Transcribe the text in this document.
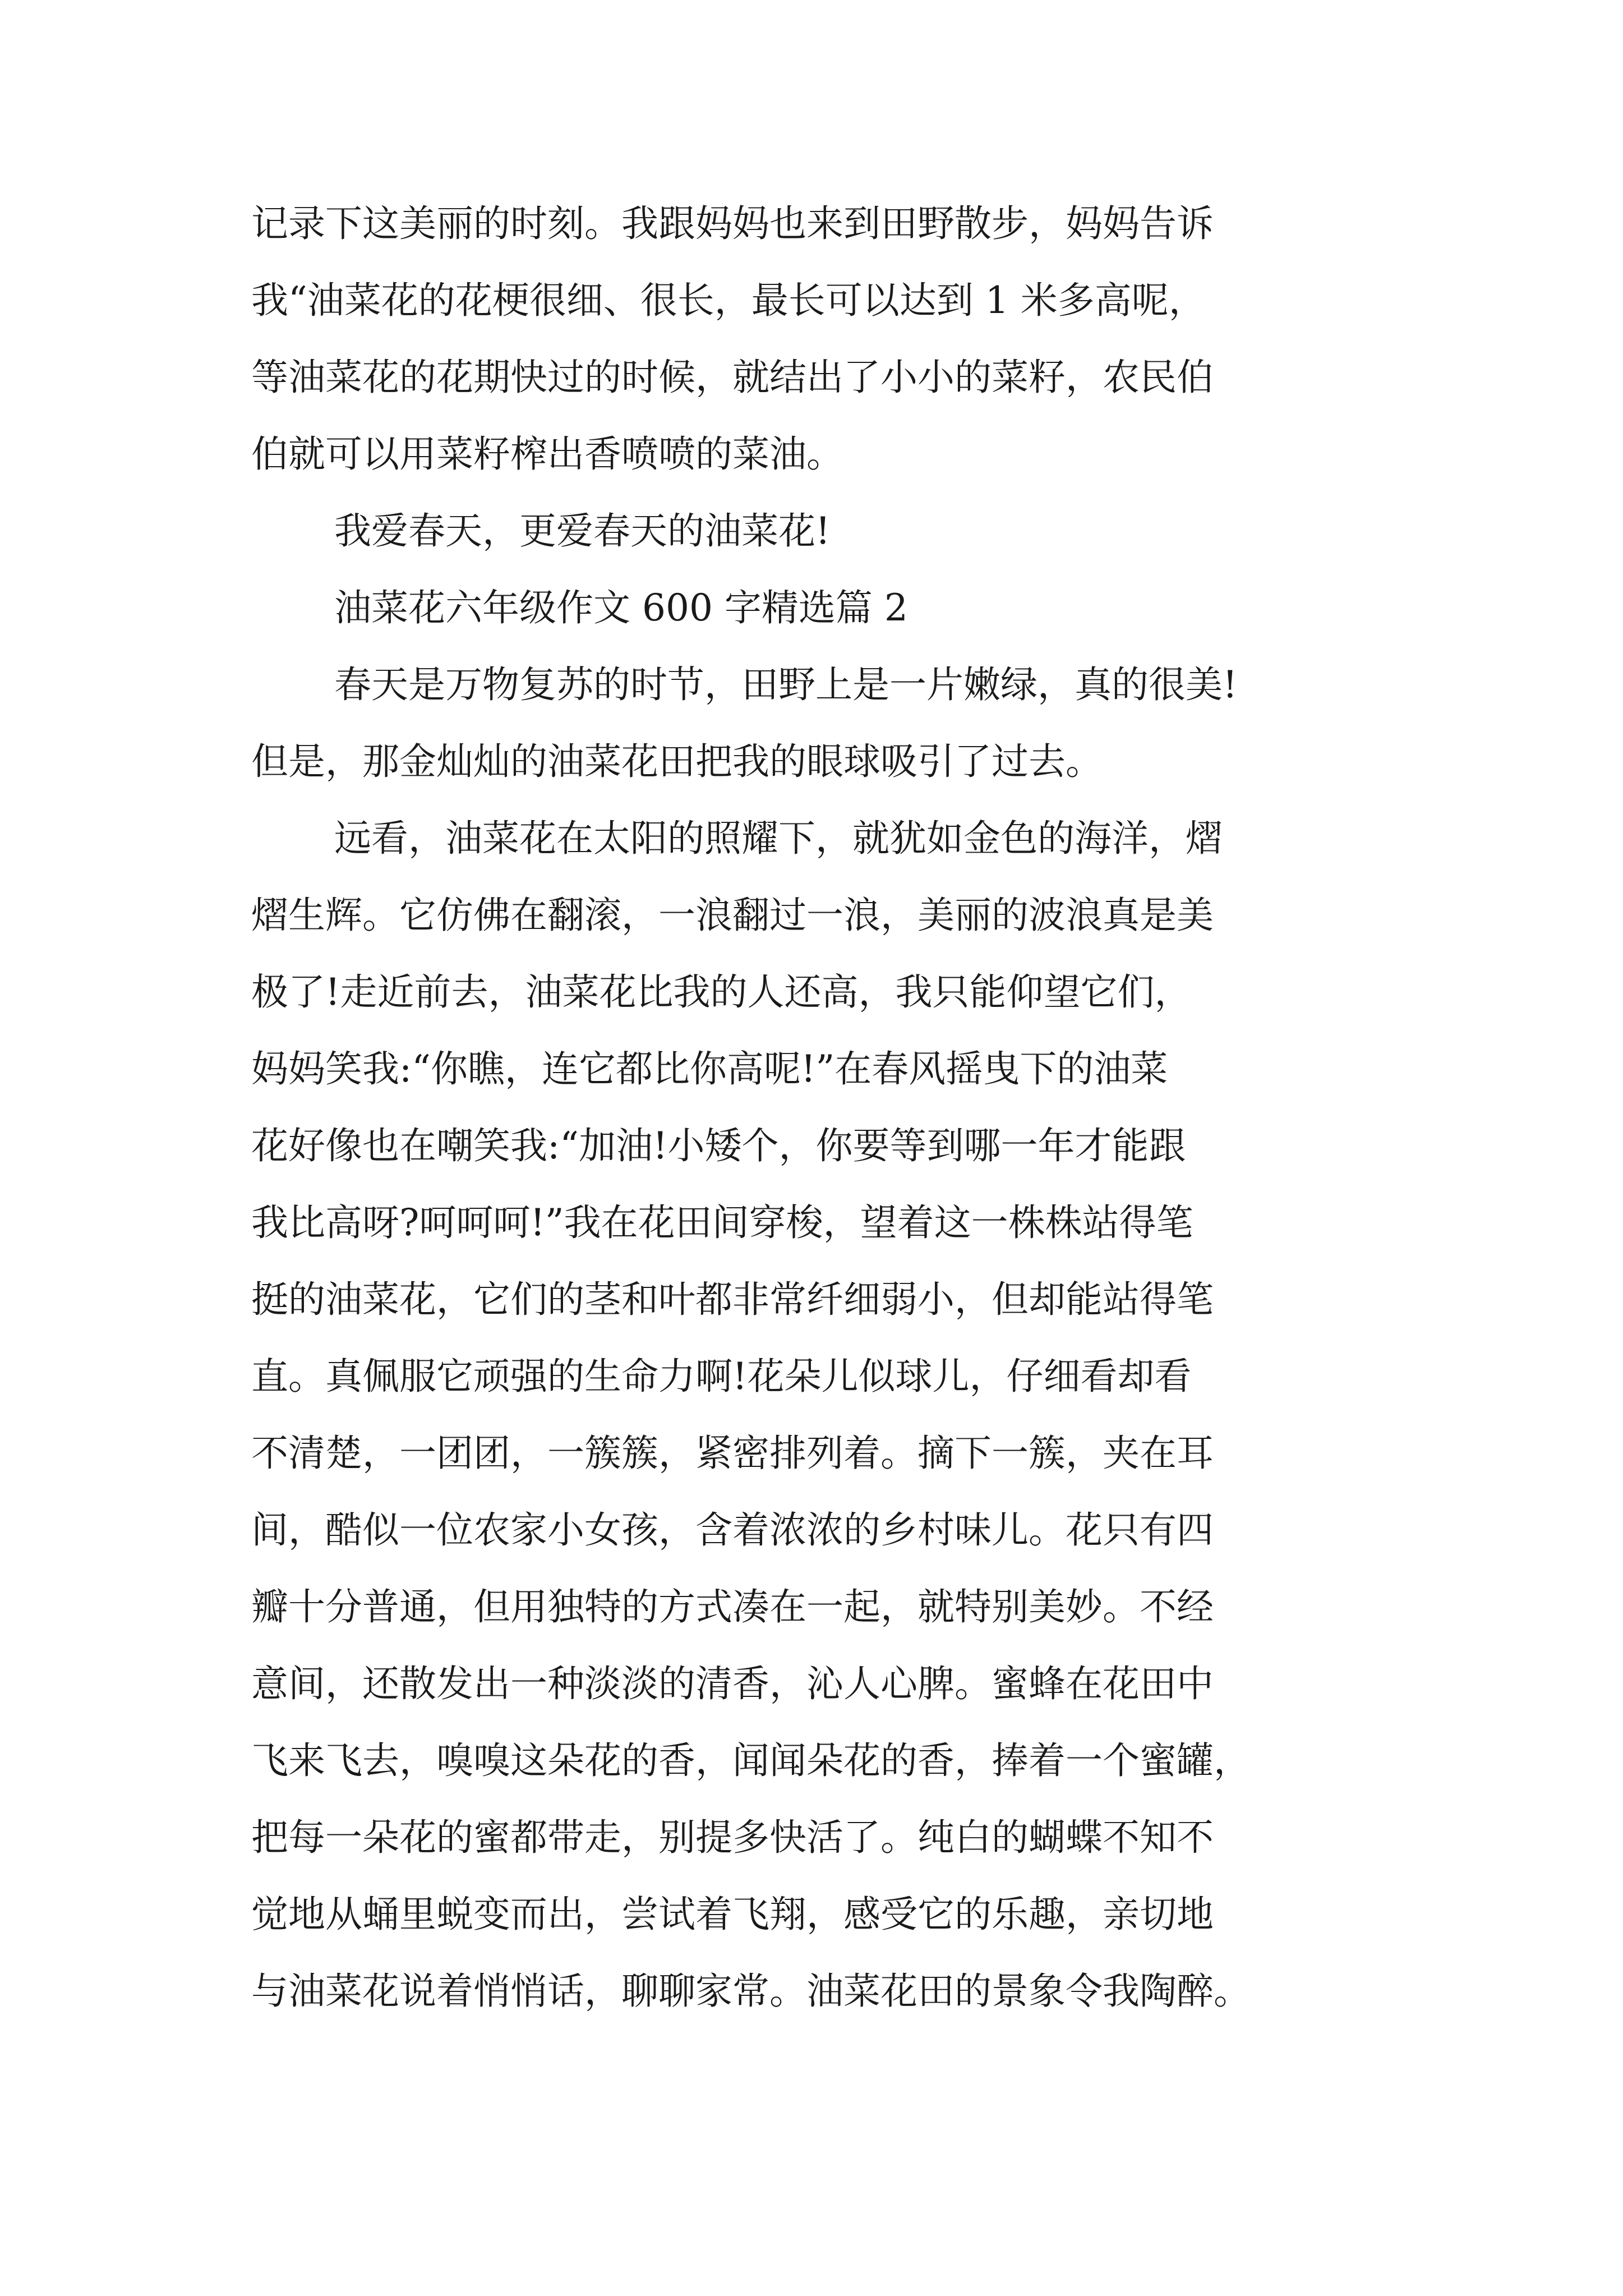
记录下这美丽的时刻。我跟妈妈也来到田野散步，妈妈告诉
我“油菜花的花梗很细、很长，最长可以达到 1 米多高呢，
等油菜花的花期快过的时候，就结出了小小的菜籽，农民伯
伯就可以用菜籽榨出香喷喷的菜油。
我爱春天，更爱春天的油菜花!
油菜花六年级作文 600 字精选篇 2
春天是万物复苏的时节，田野上是一片嫩绿，真的很美!
但是，那金灿灿的油菜花田把我的眼球吸引了过去。
远看，油菜花在太阳的照耀下，就犹如金色的海洋，熠
熠生辉。它仿佛在翻滚，一浪翻过一浪，美丽的波浪真是美
极了!走近前去，油菜花比我的人还高，我只能仰望它们，
妈妈笑我:“你瞧，连它都比你高呢!”在春风摇曳下的油菜
花好像也在嘲笑我:“加油!小矮个，你要等到哪一年才能跟
我比高呀?呵呵呵!”我在花田间穿梭，望着这一株株站得笔
挺的油菜花，它们的茎和叶都非常纤细弱小，但却能站得笔
直。真佩服它顽强的生命力啊!花朵儿似球儿，仔细看却看
不清楚，一团团，一簇簇，紧密排列着。摘下一簇，夹在耳
间，酷似一位农家小女孩，含着浓浓的乡村味儿。花只有四
瓣十分普通，但用独特的方式凑在一起，就特别美妙。不经
意间，还散发出一种淡淡的清香，沁人心脾。蜜蜂在花田中
飞来飞去，嗅嗅这朵花的香，闻闻朵花的香，捧着一个蜜罐，
把每一朵花的蜜都带走，别提多快活了。纯白的蝴蝶不知不
觉地从蛹里蜕变而出，尝试着飞翔，感受它的乐趣，亲切地
与油菜花说着悄悄话，聊聊家常。油菜花田的景象令我陶醉。
